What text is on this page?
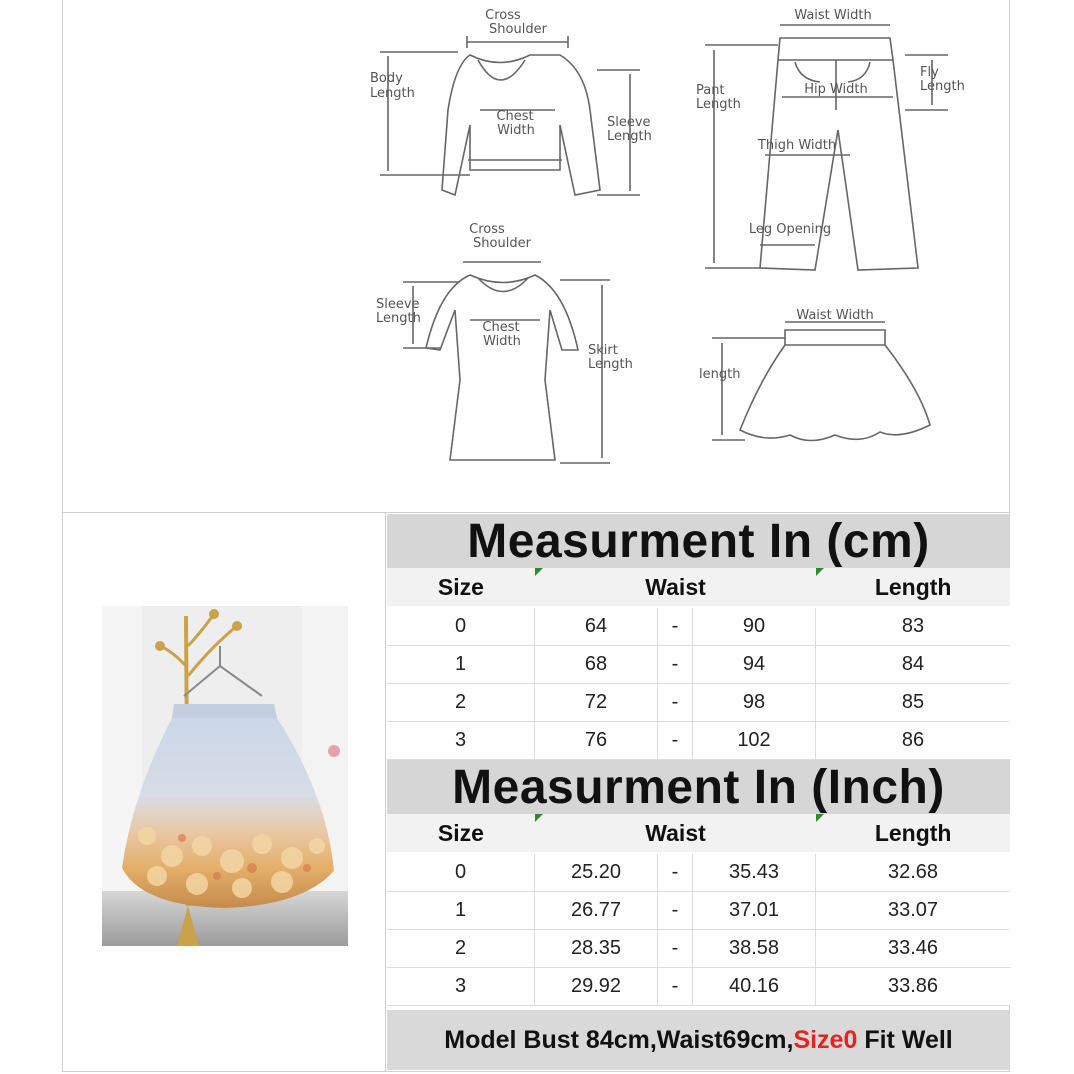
Cross
Shoulder
Body
Length
Chest
Width
Sleeve
Length
Waist Width
Pant
Length
Hip Width
Fly
Length
Thigh Width
Leg Opening
Cross
Shoulder
Sleeve
Length
Chest
Width
Skirt
Length
Waist Width
length
Measurment In (cm)
Size	Waist	Length
0	64	-	90	83
1	68	-	94	84
2	72	-	98	85
3	76	-	102	86
Measurment In (Inch)
Size	Waist	Length
0	25.20	-	35.43	32.68
1	26.77	-	37.01	33.07
2	28.35	-	38.58	33.46
3	29.92	-	40.16	33.86
Model Bust 84cm,Waist69cm,Size0 Fit Well
